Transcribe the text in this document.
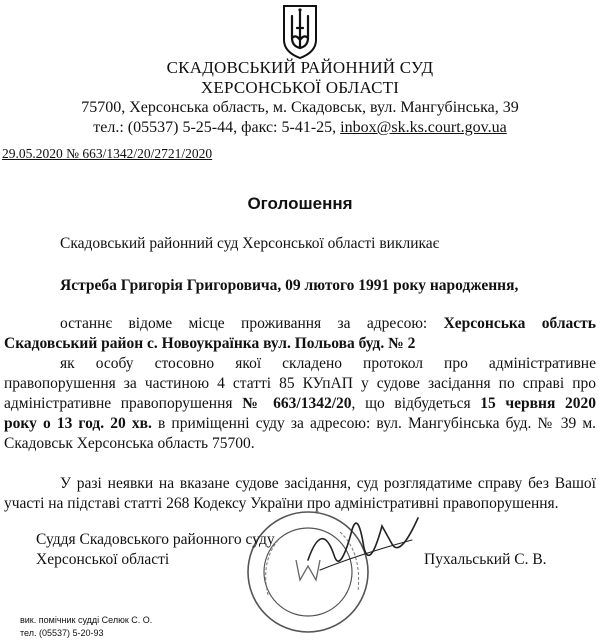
СКАДОВСЬКИЙ РАЙОННИЙ СУД
ХЕРСОНСЬКОЇ ОБЛАСТІ
75700, Херсонська область, м. Скадовськ, вул. Мангубінська, 39
тел.: (05537) 5-25-44, факс: 5-41-25, inbox@sk.ks.court.gov.ua
29.05.2020 № 663/1342/20/2721/2020
Оголошення
Скадовський районний суд Херсонської області викликає
Ястреба Григорія Григоровича, 09 лютого 1991 року народження,
останнє відоме місце проживання за адресою: Херсонська область
Скадовський район с. Новоукраїнка вул. Польова буд. № 2
як особу стосовно якої складено протокол про адміністративне
правопорушення за частиною 4 статті 85 КУпАП у судове засідання по справі про
адміністративне правопорушення № 663/1342/20, що відбудеться 15 червня 2020
року о 13 год. 20 хв. в приміщенні суду за адресою: вул. Мангубінська буд. № 39 м.
Скадовськ Херсонська область 75700.
У разі неявки на вказане судове засідання, суд розглядатиме справу без Вашої
участі на підставі статті 268 Кодексу України про адміністративні правопорушення.
Суддя Скадовського районного суду
Херсонської області	Пухальський С. В.
вик. помічник судді Селюк С. О.
тел. (05537) 5-20-93
